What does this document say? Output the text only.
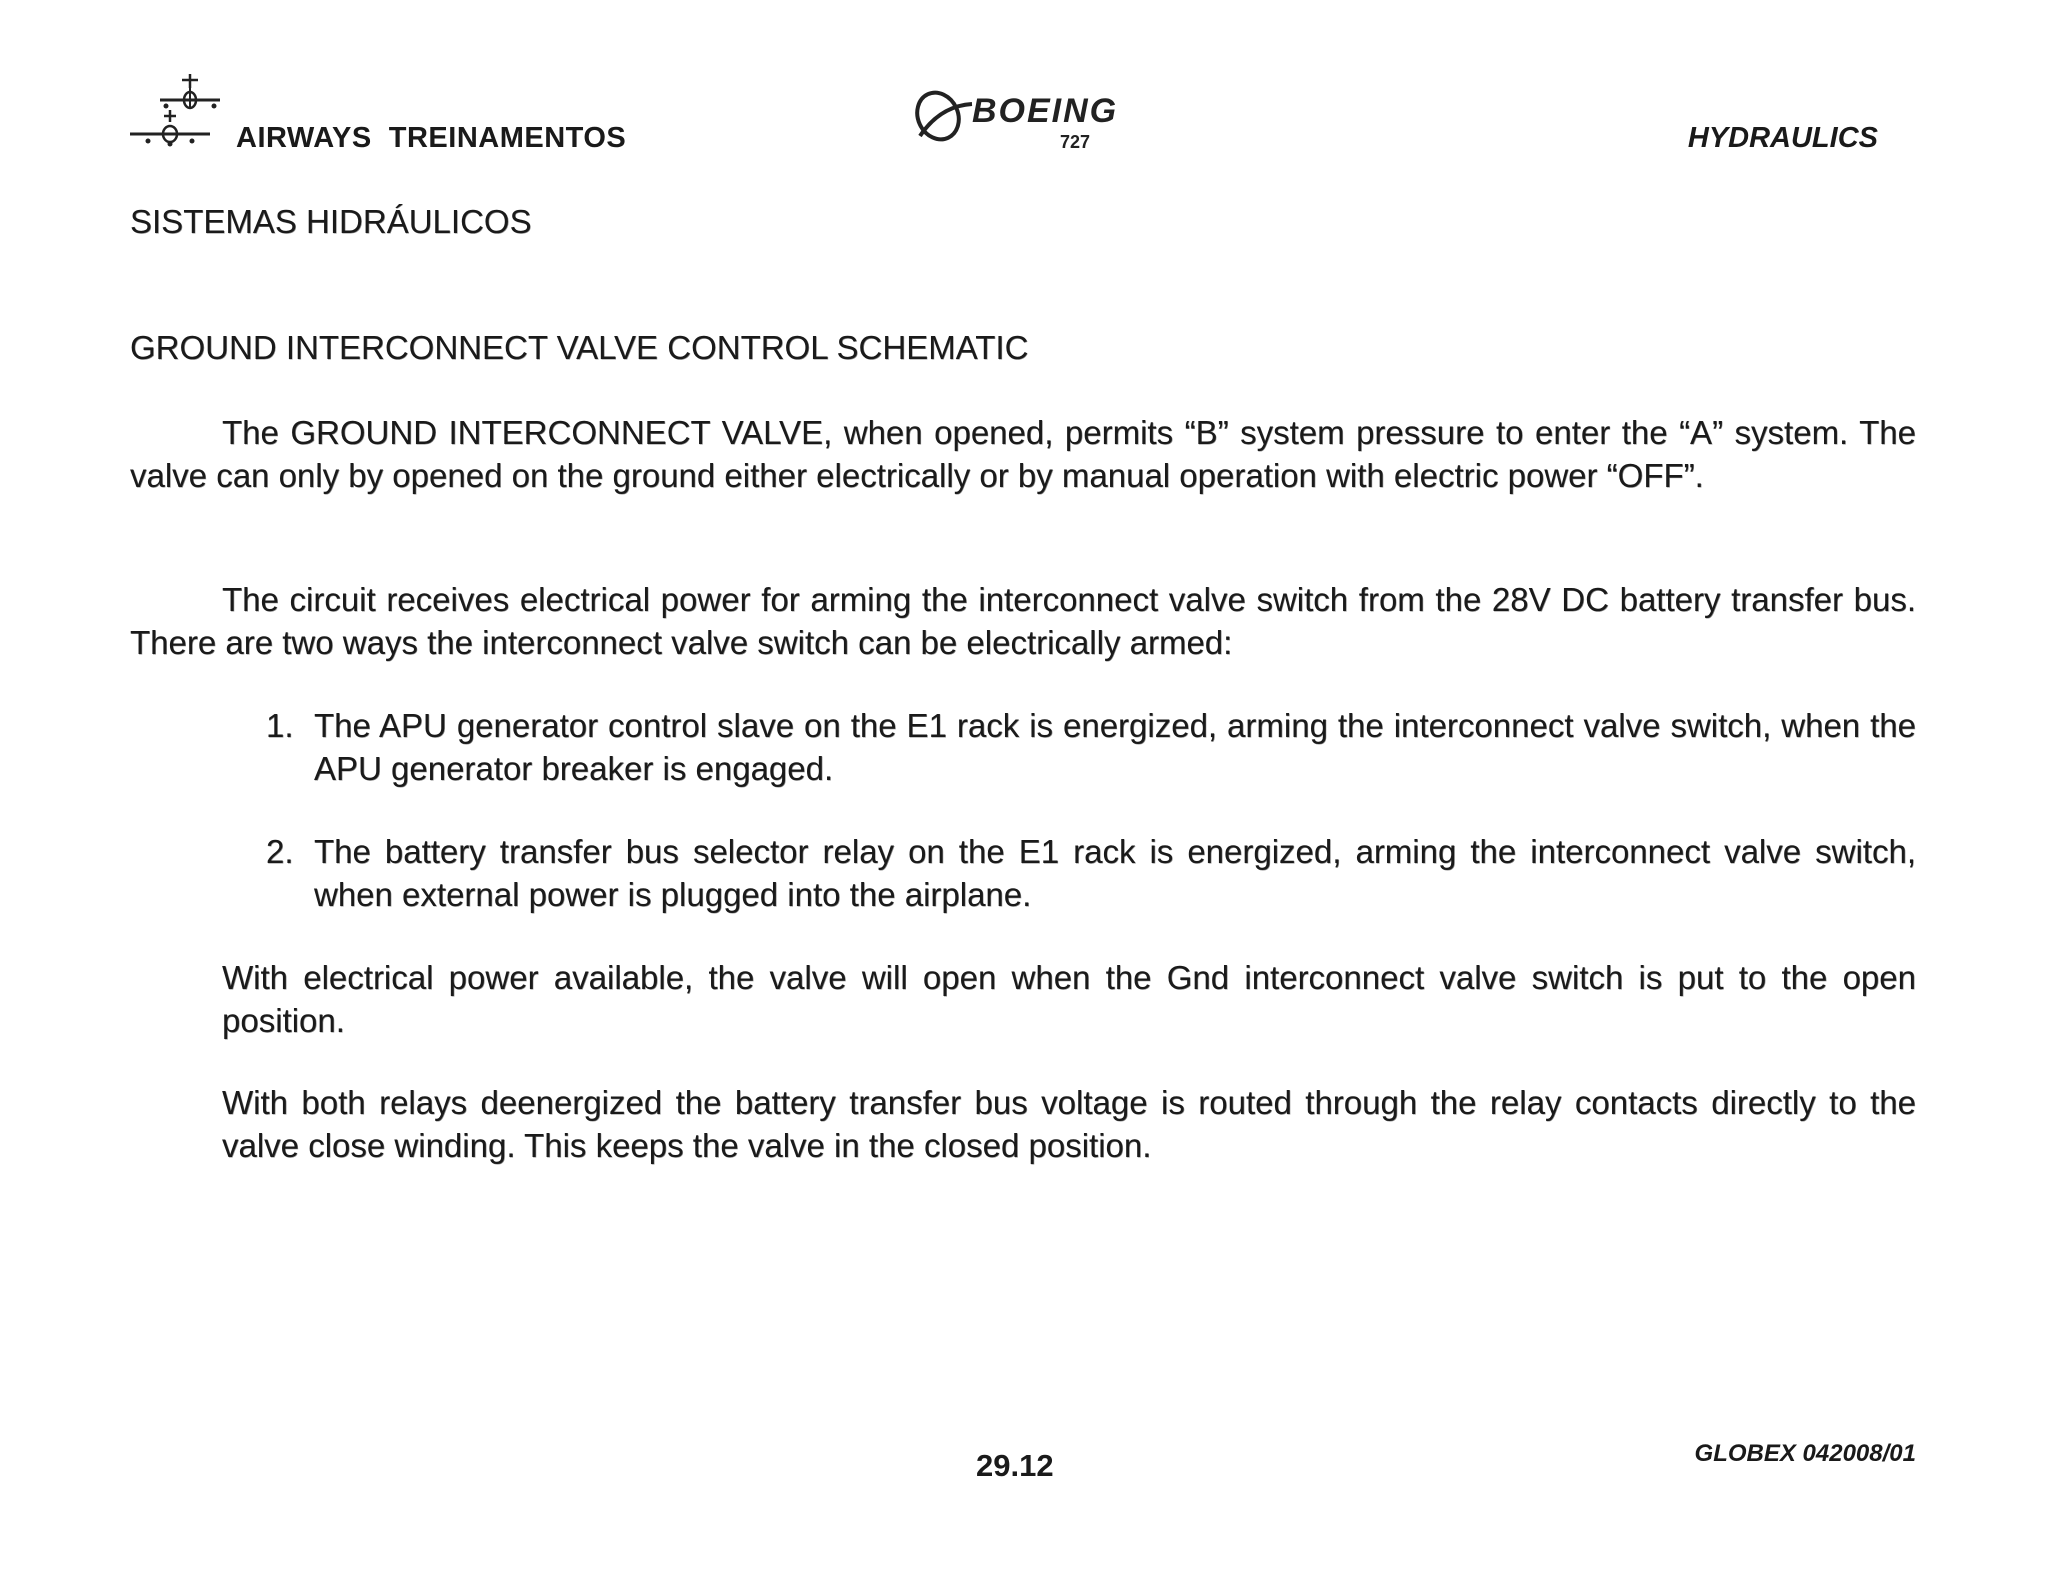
AIRWAYS  TREINAMENTOS
BOEING
727	HYDRAULICS
SISTEMAS HIDRÁULICOS
GROUND INTERCONNECT VALVE CONTROL SCHEMATIC

The GROUND INTERCONNECT VALVE, when opened, permits “B” system pressure to enter the “A” system. The valve can only by opened on the ground either electrically or by manual operation with electric power “OFF”.

The circuit receives electrical power for arming the interconnect valve switch from the 28V DC battery transfer bus. There are two ways the interconnect valve switch can be electrically armed:

1. The APU generator control slave on the E1 rack is energized, arming the interconnect valve switch, when the APU generator breaker is engaged.
2. The battery transfer bus selector relay on the E1 rack is energized, arming the interconnect valve switch, when external power is plugged into the airplane.

With electrical power available, the valve will open when the Gnd interconnect valve switch is put to the open position.

With both relays deenergized the battery transfer bus voltage is routed through the relay contacts directly to the valve close winding. This keeps the valve in the closed position.

29.12	GLOBEX 042008/01
